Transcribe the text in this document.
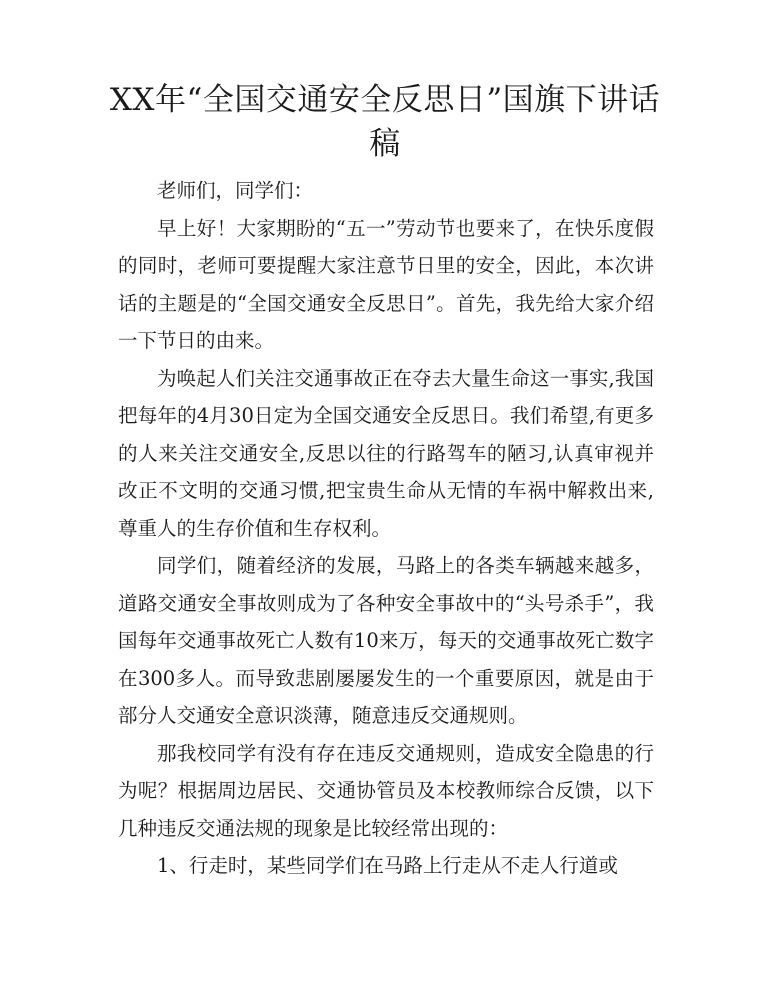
XX年“全国交通安全反思日”国旗下讲话稿

老师们，同学们：

早上好！大家期盼的“五一”劳动节也要来了，在快乐度假的同时，老师可要提醒大家注意节日里的安全，因此，本次讲话的主题是的“全国交通安全反思日”。首先，我先给大家介绍一下节日的由来。

为唤起人们关注交通事故正在夺去大量生命这一事实,我国把每年的4月30日定为全国交通安全反思日。我们希望,有更多的人来关注交通安全,反思以往的行路驾车的陋习,认真审视并改正不文明的交通习惯,把宝贵生命从无情的车祸中解救出来,尊重人的生存价值和生存权利。

同学们，随着经济的发展，马路上的各类车辆越来越多，道路交通安全事故则成为了各种安全事故中的“头号杀手”，我国每年交通事故死亡人数有10来万，每天的交通事故死亡数字在300多人。而导致悲剧屡屡发生的一个重要原因，就是由于部分人交通安全意识淡薄，随意违反交通规则。

那我校同学有没有存在违反交通规则，造成安全隐患的行为呢？根据周边居民、交通协管员及本校教师综合反馈，以下几种违反交通法规的现象是比较经常出现的：

1、行走时，某些同学们在马路上行走从不走人行道或
